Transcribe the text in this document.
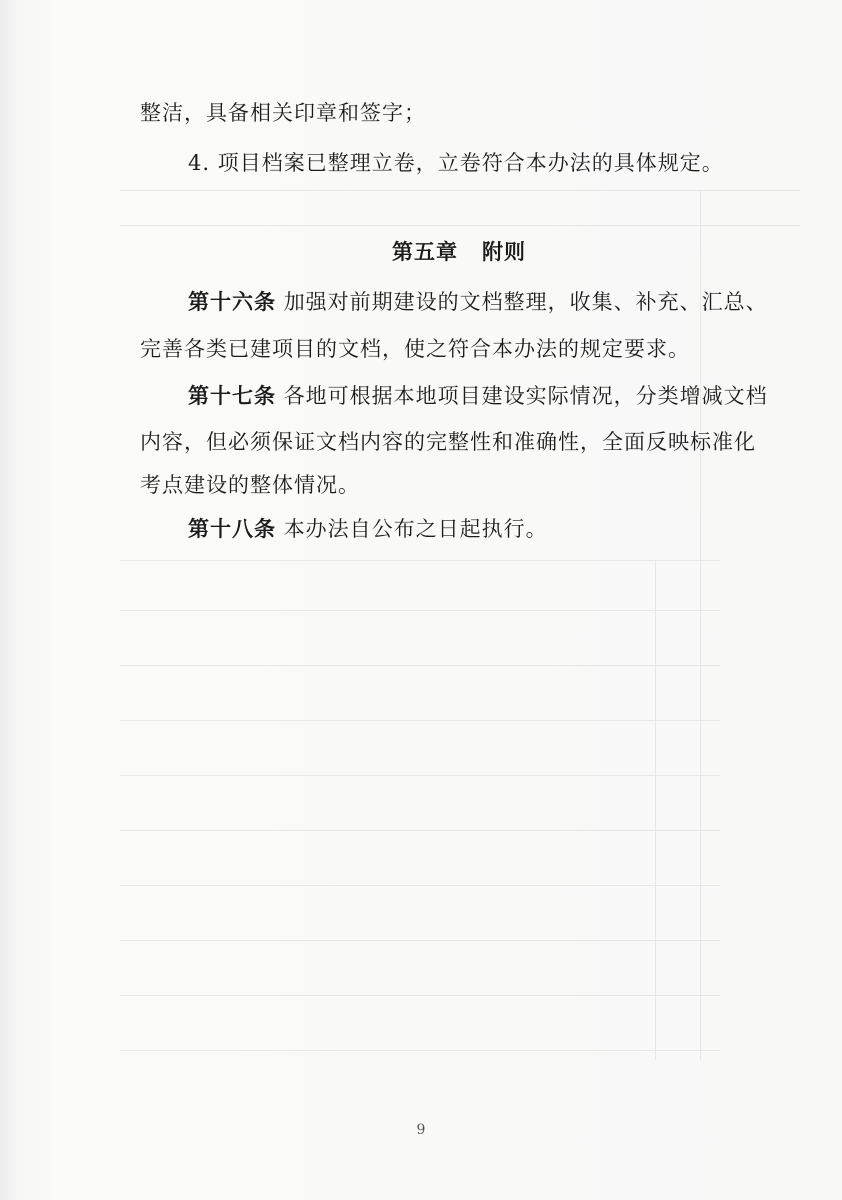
整洁，具备相关印章和签字；
4. 项目档案已整理立卷，立卷符合本办法的具体规定。
第五章 附则
第十六条 加强对前期建设的文档整理，收集、补充、汇总、
完善各类已建项目的文档，使之符合本办法的规定要求。
第十七条 各地可根据本地项目建设实际情况，分类增减文档
内容，但必须保证文档内容的完整性和准确性，全面反映标准化
考点建设的整体情况。
第十八条 本办法自公布之日起执行。
9
